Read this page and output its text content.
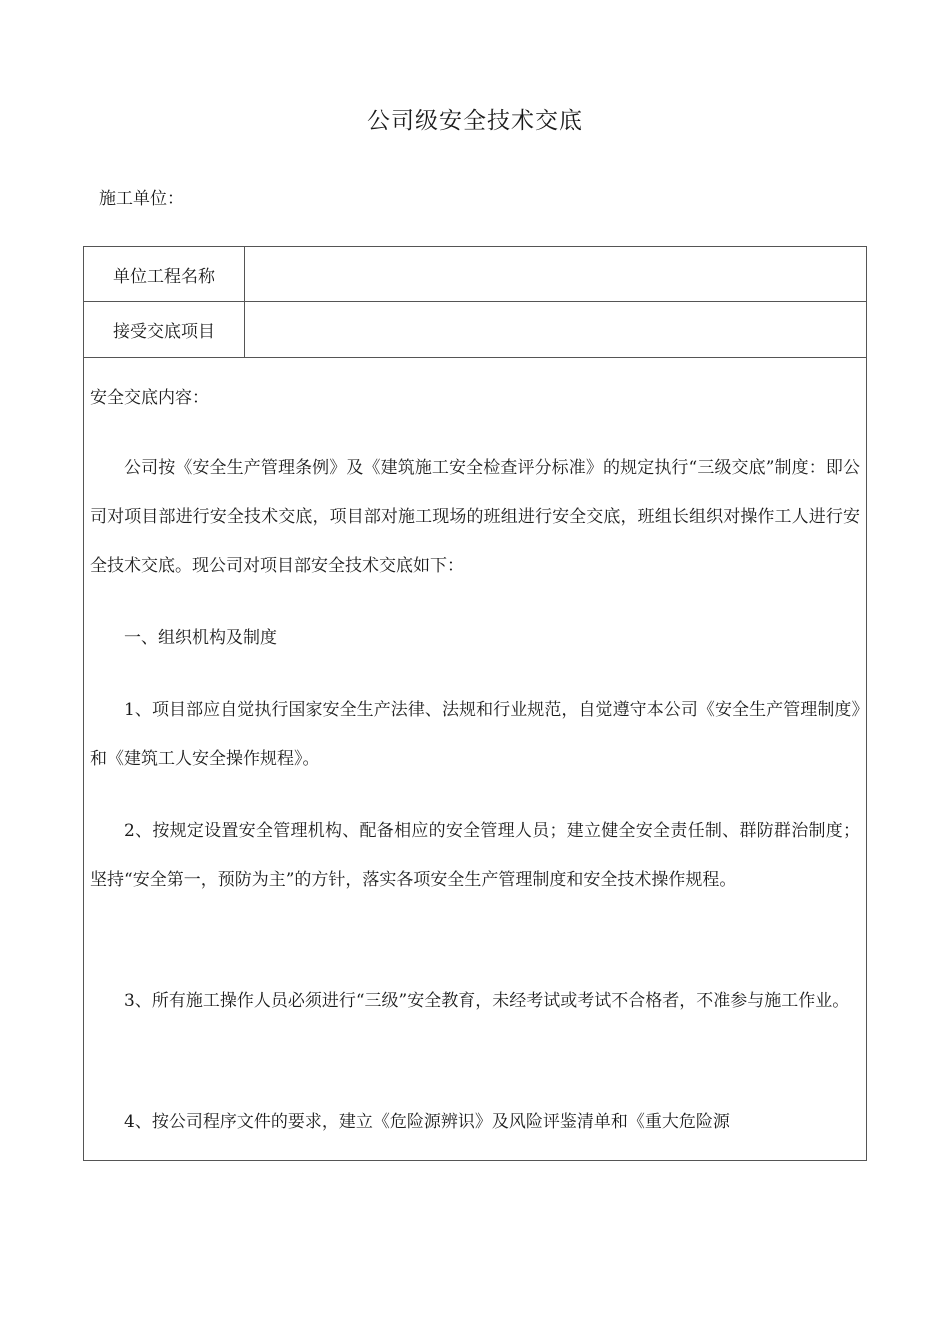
公司级安全技术交底
施工单位：
单位工程名称
接受交底项目
安全交底内容：

公司按《安全生产管理条例》及《建筑施工安全检查评分标准》的规定执行“三级交底”制度：即公司对项目部进行安全技术交底，项目部对施工现场的班组进行安全交底，班组长组织对操作工人进行安全技术交底。现公司对项目部安全技术交底如下：

一、组织机构及制度

1、项目部应自觉执行国家安全生产法律、法规和行业规范，自觉遵守本公司《安全生产管理制度》和《建筑工人安全操作规程》。

2、按规定设置安全管理机构、配备相应的安全管理人员；建立健全安全责任制、群防群治制度；坚持“安全第一，预防为主”的方针，落实各项安全生产管理制度和安全技术操作规程。

3、所有施工操作人员必须进行“三级”安全教育，未经考试或考试不合格者，不准参与施工作业。

4、按公司程序文件的要求，建立《危险源辨识》及风险评鉴清单和《重大危险源
